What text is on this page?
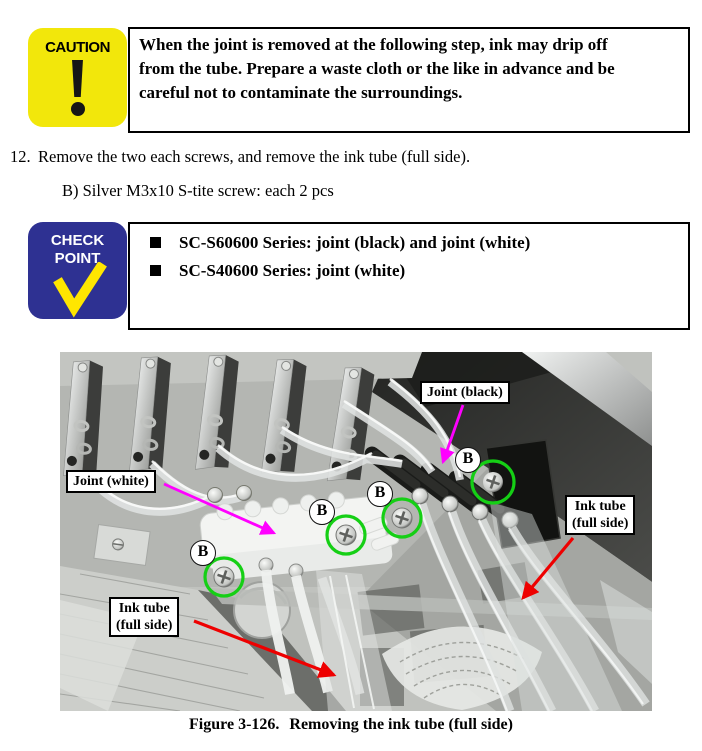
CAUTION	When the joint is removed at the following step, ink may drip off
from the tube. Prepare a waste cloth or the like in advance and be
careful not to contaminate the surroundings.
12. Remove the two each screws, and remove the ink tube (full side).
B) Silver M3x10 S-tite screw: each 2 pcs
CHECK
POINT
SC-S60600 Series: joint (black) and joint (white)
SC-S40600 Series: joint (white)
Joint (black)
Joint (white)
Ink tube
(full side)
Ink tube
(full side)
B
B
B
B
Figure 3-126. Removing the ink tube (full side)
